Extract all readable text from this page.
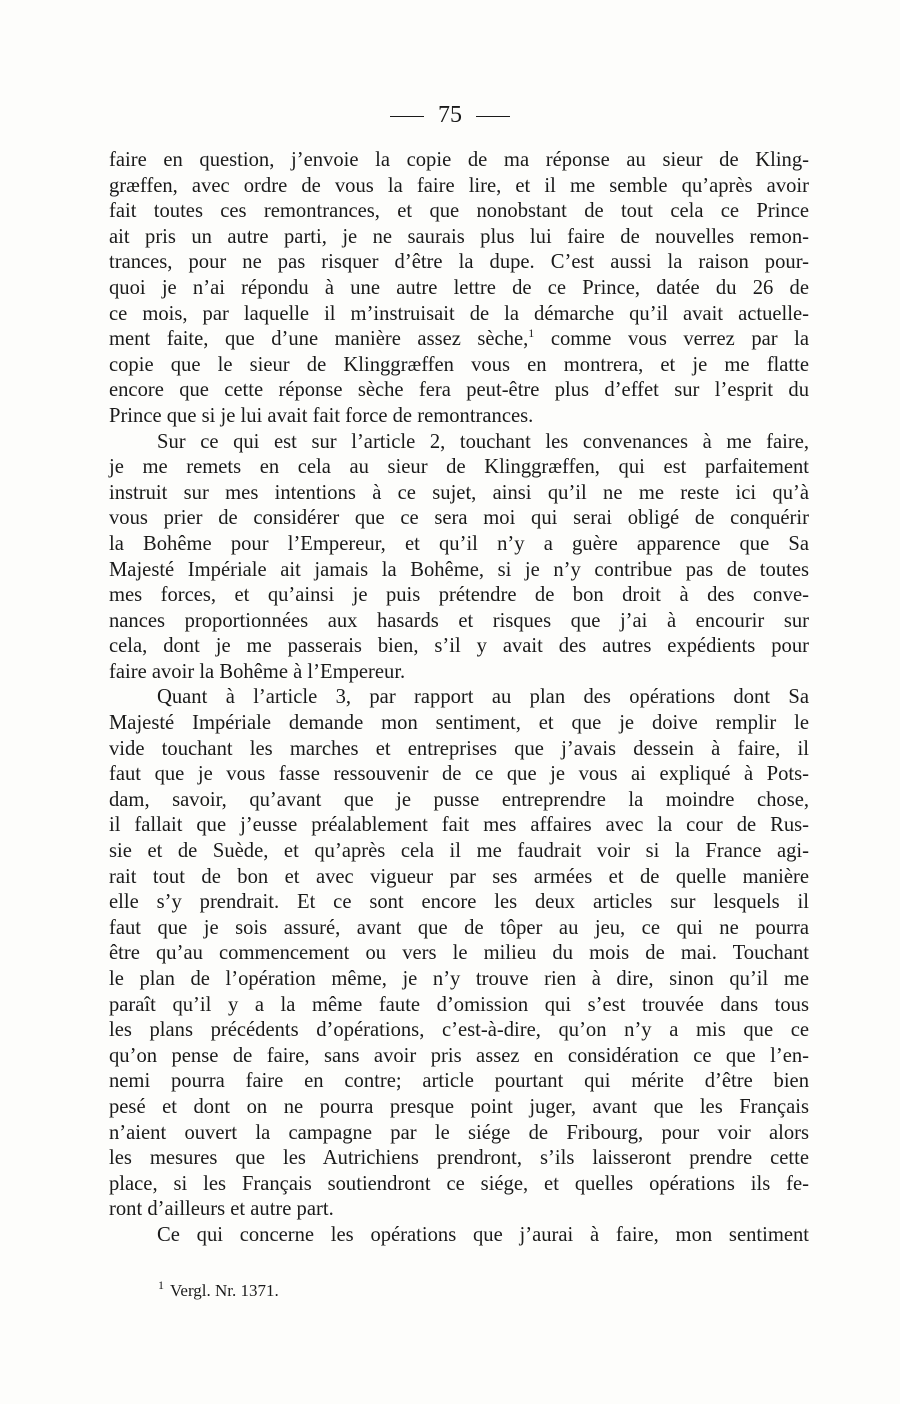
75
faire en question, j’envoie la copie de ma réponse au sieur de Kling-
græffen, avec ordre de vous la faire lire, et il me semble qu’après avoir
fait toutes ces remontrances, et que nonobstant de tout cela ce Prince
ait pris un autre parti, je ne saurais plus lui faire de nouvelles remon-
trances, pour ne pas risquer d’être la dupe. C’est aussi la raison pour-
quoi je n’ai répondu à une autre lettre de ce Prince, datée du 26 de
ce mois, par laquelle il m’instruisait de la démarche qu’il avait actuelle-
ment faite, que d’une manière assez sèche,$^1$ comme vous verrez par la
copie que le sieur de Klinggræffen vous en montrera, et je me flatte
encore que cette réponse sèche fera peut-être plus d’effet sur l’esprit du
Prince que si je lui avait fait force de remontrances.
Sur ce qui est sur l’article 2, touchant les convenances à me faire,
je me remets en cela au sieur de Klinggræffen, qui est parfaitement
instruit sur mes intentions à ce sujet, ainsi qu’il ne me reste ici qu’à
vous prier de considérer que ce sera moi qui serai obligé de conquérir
la Bohême pour l’Empereur, et qu’il n’y a guère apparence que Sa
Majesté Impériale ait jamais la Bohême, si je n’y contribue pas de toutes
mes forces, et qu’ainsi je puis prétendre de bon droit à des conve-
nances proportionnées aux hasards et risques que j’ai à encourir sur
cela, dont je me passerais bien, s’il y avait des autres expédients pour
faire avoir la Bohême à l’Empereur.
Quant à l’article 3, par rapport au plan des opérations dont Sa
Majesté Impériale demande mon sentiment, et que je doive remplir le
vide touchant les marches et entreprises que j’avais dessein à faire, il
faut que je vous fasse ressouvenir de ce que je vous ai expliqué à Pots-
dam, savoir, qu’avant que je pusse entreprendre la moindre chose,
il fallait que j’eusse préalablement fait mes affaires avec la cour de Rus-
sie et de Suède, et qu’après cela il me faudrait voir si la France agi-
rait tout de bon et avec vigueur par ses armées et de quelle manière
elle s’y prendrait. Et ce sont encore les deux articles sur lesquels il
faut que je sois assuré, avant que de tôper au jeu, ce qui ne pourra
être qu’au commencement ou vers le milieu du mois de mai. Touchant
le plan de l’opération même, je n’y trouve rien à dire, sinon qu’il me
paraît qu’il y a la même faute d’omission qui s’est trouvée dans tous
les plans précédents d’opérations, c’est-à-dire, qu’on n’y a mis que ce
qu’on pense de faire, sans avoir pris assez en considération ce que l’en-
nemi pourra faire en contre; article pourtant qui mérite d’être bien
pesé et dont on ne pourra presque point juger, avant que les Français
n’aient ouvert la campagne par le siége de Fribourg, pour voir alors
les mesures que les Autrichiens prendront, s’ils laisseront prendre cette
place, si les Français soutiendront ce siége, et quelles opérations ils fe-
ront d’ailleurs et autre part.
Ce qui concerne les opérations que j’aurai à faire, mon sentiment
$^1$ Vergl. Nr. 1371.
